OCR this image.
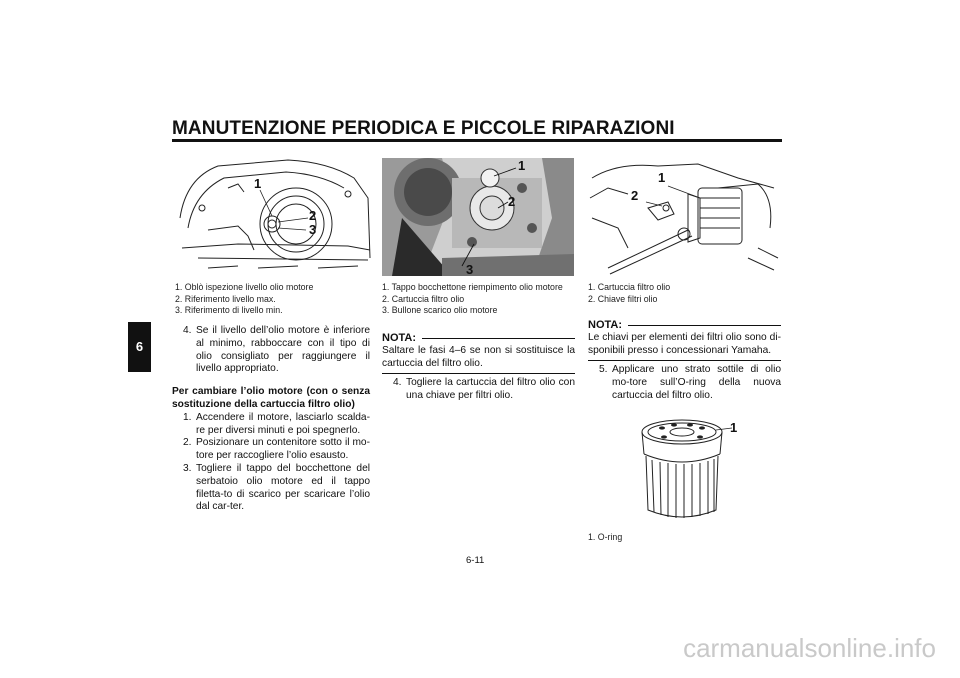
MANUTENZIONE PERIODICA E PICCOLE RIPARAZIONI
6
1
2
3
1. Oblò ispezione livello olio motore
2. Riferimento livello max.
3. Riferimento di livello min.
4. Se il livello dell’olio motore è inferiore al minimo, rabboccare con il tipo di olio consigliato per raggiungere il livello appropriato.
Per cambiare l’olio motore (con o senza sostituzione della cartuccia filtro olio)
1. Accendere il motore, lasciarlo scalda-re per diversi minuti e poi spegnerlo.
2. Posizionare un contenitore sotto il mo-tore per raccogliere l’olio esausto.
3. Togliere il tappo del bocchettone del serbatoio olio motore ed il tappo filetta-to di scarico per scaricare l’olio dal car-ter.
1
2
3
1. Tappo bocchettone riempimento olio motore
2. Cartuccia filtro olio
3. Bullone scarico olio motore
NOTA:
Saltare le fasi 4–6 se non si sostituisce la cartuccia del filtro olio.
4. Togliere la cartuccia del filtro olio con una chiave per filtri olio.
1
2
1. Cartuccia filtro olio
2. Chiave filtri olio
NOTA:
Le chiavi per elementi dei filtri olio sono di-sponibili presso i concessionari Yamaha.
5. Applicare uno strato sottile di olio mo-tore sull’O-ring della nuova cartuccia del filtro olio.
1
1. O-ring
6-11
carmanualsonline.info
